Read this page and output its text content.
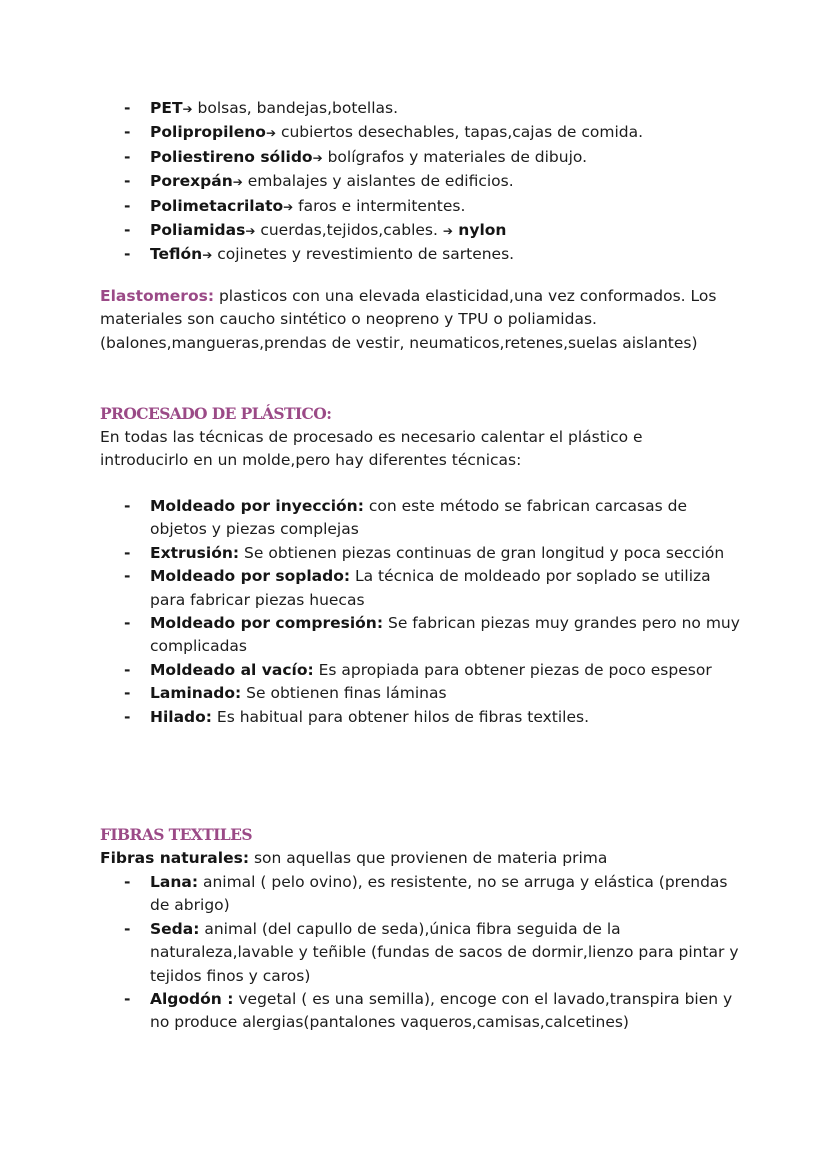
- PET➔ bolsas, bandejas,botellas.
- Polipropileno➔ cubiertos desechables, tapas,cajas de comida.
- Poliestireno sólido➔ bolígrafos y materiales de dibujo.
- Porexpán➔ embalajes y aislantes de edificios.
- Polimetacrilato➔ faros e intermitentes.
- Poliamidas➔ cuerdas,tejidos,cables. ➔ nylon
- Teflón➔ cojinetes y revestimiento de sartenes.

Elastomeros: plasticos con una elevada elasticidad,una vez conformados. Los materiales son caucho sintético o neopreno y TPU o poliamidas. (balones,mangueras,prendas de vestir, neumaticos,retenes,suelas aislantes)

PROCESADO DE PLÁSTICO:
En todas las técnicas de procesado es necesario calentar el plástico e introducirlo en un molde,pero hay diferentes técnicas:
- Moldeado por inyección: con este método se fabrican carcasas de objetos y piezas complejas
- Extrusión: Se obtienen piezas continuas de gran longitud y poca sección
- Moldeado por soplado: La técnica de moldeado por soplado se utiliza para fabricar piezas huecas
- Moldeado por compresión: Se fabrican piezas muy grandes pero no muy complicadas
- Moldeado al vacío: Es apropiada para obtener piezas de poco espesor
- Laminado: Se obtienen finas láminas
- Hilado: Es habitual para obtener hilos de fibras textiles.
FIBRAS TEXTILES
Fibras naturales: son aquellas que provienen de materia prima
- Lana: animal ( pelo ovino), es resistente, no se arruga y elástica (prendas de abrigo)
- Seda: animal (del capullo de seda),única fibra seguida de la naturaleza,lavable y teñible (fundas de sacos de dormir,lienzo para pintar y tejidos finos y caros)
- Algodón : vegetal ( es una semilla), encoge con el lavado,transpira bien y no produce alergias(pantalones vaqueros,camisas,calcetines)
